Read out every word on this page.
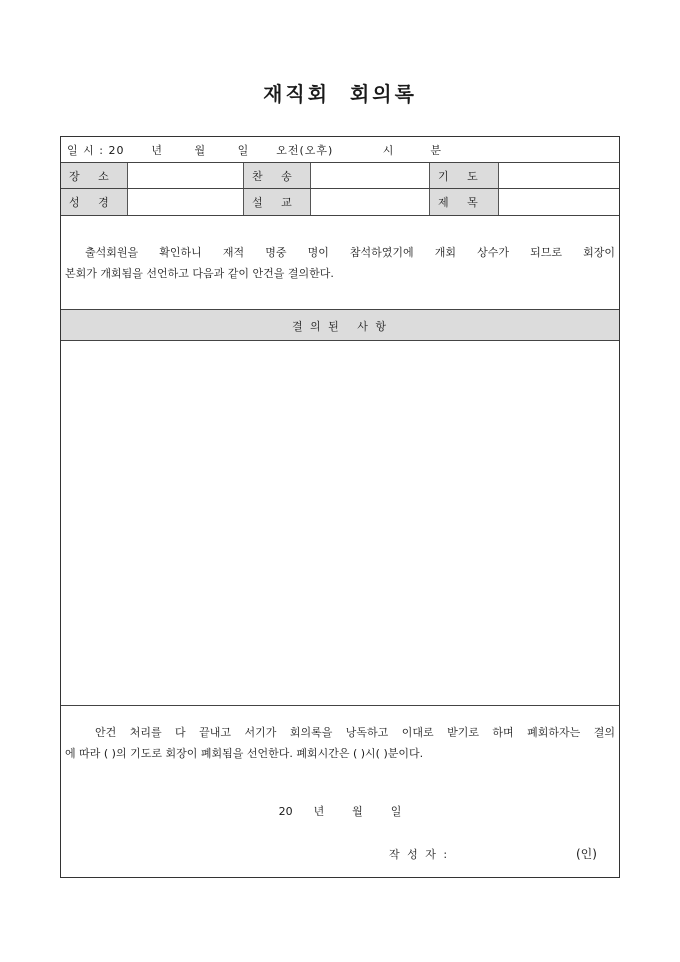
재직회  회의록
일 시 : 20      년       월       일      오전(오후)           시        분
장   소	찬   송	기   도
성   경	설   교	제   목
출석회원을 확인하니 재적 명중 명이 참석하였기에 개회 상수가 되므로 회장이
본회가 개회됨을 선언하고 다음과 같이 안건을 결의한다.
결 의 된   사 항
안건 처리를 다 끝내고 서기가 회의록을 낭독하고 이대로 받기로 하며 폐회하자는 결의
에 따라 ( )의 기도로 회장이 폐회됨을 선언한다. 폐회시간은 ( )시( )분이다.
20      년        월        일
작 성 자 :	(인)
